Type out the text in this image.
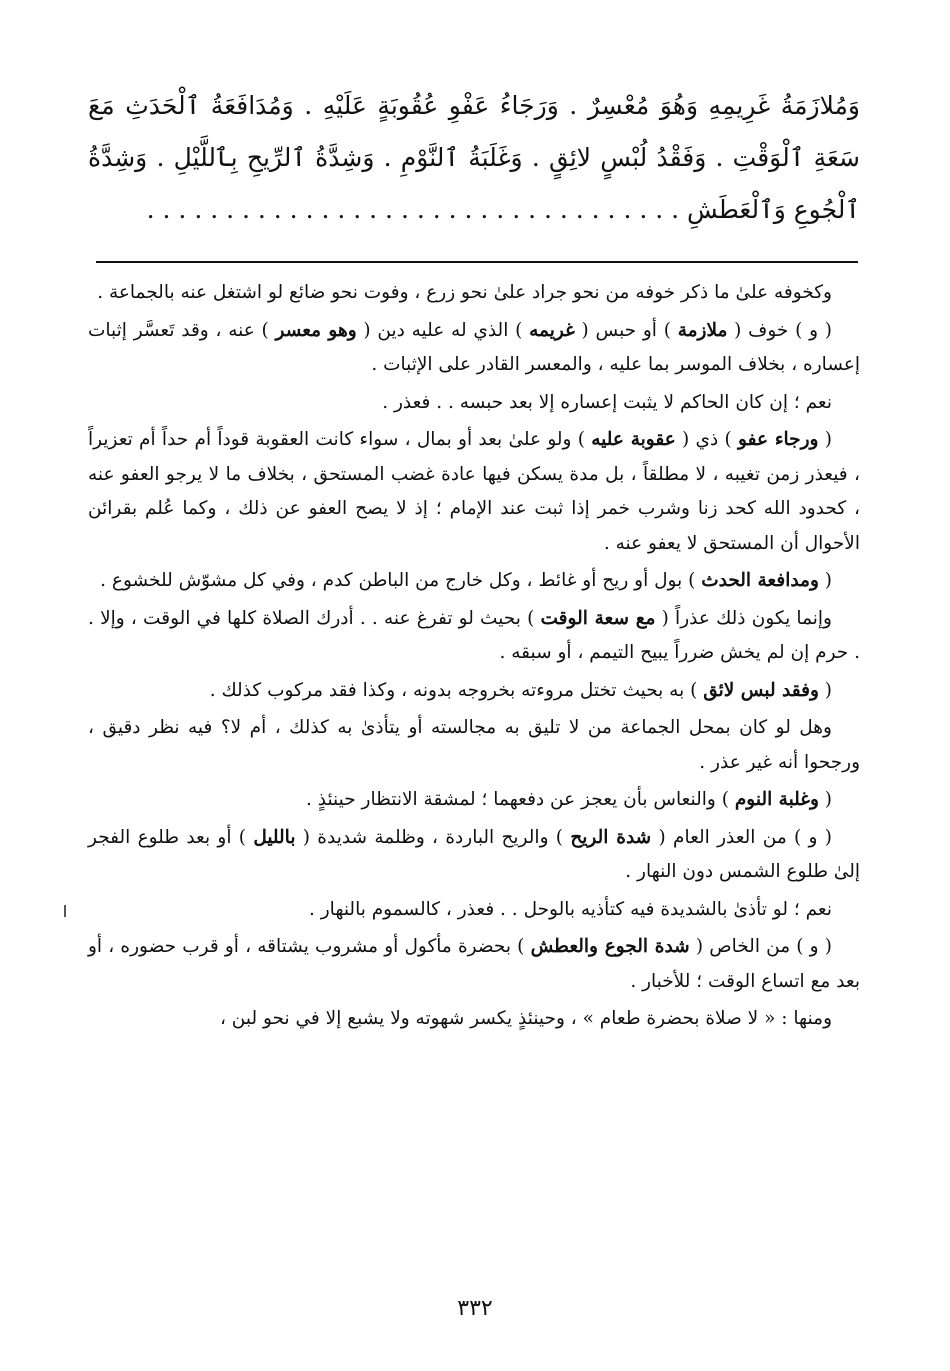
وَمُلازَمَةُ غَرِيمِهِ وَهُوَ مُعْسِرٌ . وَرَجَاءُ عَفْوِ عُقُوبَةٍ عَلَيْهِ . وَمُدَافَعَةُ ٱلْحَدَثِ مَعَ سَعَةِ ٱلْوَقْتِ . وَفَقْدُ لُبْسٍ لائِقٍ . وَغَلَبَةُ ٱلنَّوْمِ . وَشِدَّةُ ٱلرِّيحِ بِٱللَّيْلِ . وَشِدَّةُ ٱلْجُوعِ وَٱلْعَطَشِ . . . . . . . . . . . . . . . . . . . . . . . . . . . . . . . . . .

وكخوفه علىٰ ما ذكر خوفه من نحو جراد علىٰ نحو زرع ، وفوت نحو ضائع لو اشتغل عنه بالجماعة .

( و ) خوف ( ملازمة ) أو حبس ( غريمه ) الذي له عليه دين ( وهو معسر ) عنه ، وقد تَعسَّر إثبات إعساره ، بخلاف الموسر بما عليه ، والمعسر القادر على الإثبات .

نعم ؛ إن كان الحاكم لا يثبت إعساره إلا بعد حبسه . . فعذر .

( ورجاء عفو ) ذي ( عقوبة عليه ) ولو علىٰ بعد أو بمال ، سواء كانت العقوبة قوداً أم حداً أم تعزيراً ، فيعذر زمن تغيبه ، لا مطلقاً ، بل مدة يسكن فيها عادة غضب المستحق ، بخلاف ما لا يرجو العفو عنه ، كحدود الله كحد زنا وشرب خمر إذا ثبت عند الإمام ؛ إذ لا يصح العفو عن ذلك ، وكما عُلم بقرائن الأحوال أن المستحق لا يعفو عنه .

( ومدافعة الحدث ) بول أو ريح أو غائط ، وكل خارج من الباطن كدم ، وفي كل مشوّش للخشوع .

وإنما يكون ذلك عذراً ( مع سعة الوقت ) بحيث لو تفرغ عنه . . أدرك الصلاة كلها في الوقت ، وإلا . . حرم إن لم يخش ضرراً يبيح التيمم ، أو سبقه .

( وفقد لبس لائق ) به بحيث تختل مروءته بخروجه بدونه ، وكذا فقد مركوب كذلك .

وهل لو كان بمحل الجماعة من لا تليق به مجالسته أو يتأذىٰ به كذلك ، أم لا؟ فيه نظر دقيق ، ورجحوا أنه غير عذر .

( وغلبة النوم ) والنعاس بأن يعجز عن دفعهما ؛ لمشقة الانتظار حينئذٍ .

( و ) من العذر العام ( شدة الريح ) والريح الباردة ، وظلمة شديدة ( بالليل ) أو بعد طلوع الفجر إلىٰ طلوع الشمس دون النهار .

نعم ؛ لو تأذىٰ بالشديدة فيه كتأذيه بالوحل . . فعذر ، كالسموم بالنهار .

( و ) من الخاص ( شدة الجوع والعطش ) بحضرة مأكول أو مشروب يشتاقه ، أو قرب حضوره ، أو بعد مع اتساع الوقت ؛ للأخبار .

ومنها : « لا صلاة بحضرة طعام » ، وحينئذٍ يكسر شهوته ولا يشبع إلا في نحو لبن ،

٣٣٢
